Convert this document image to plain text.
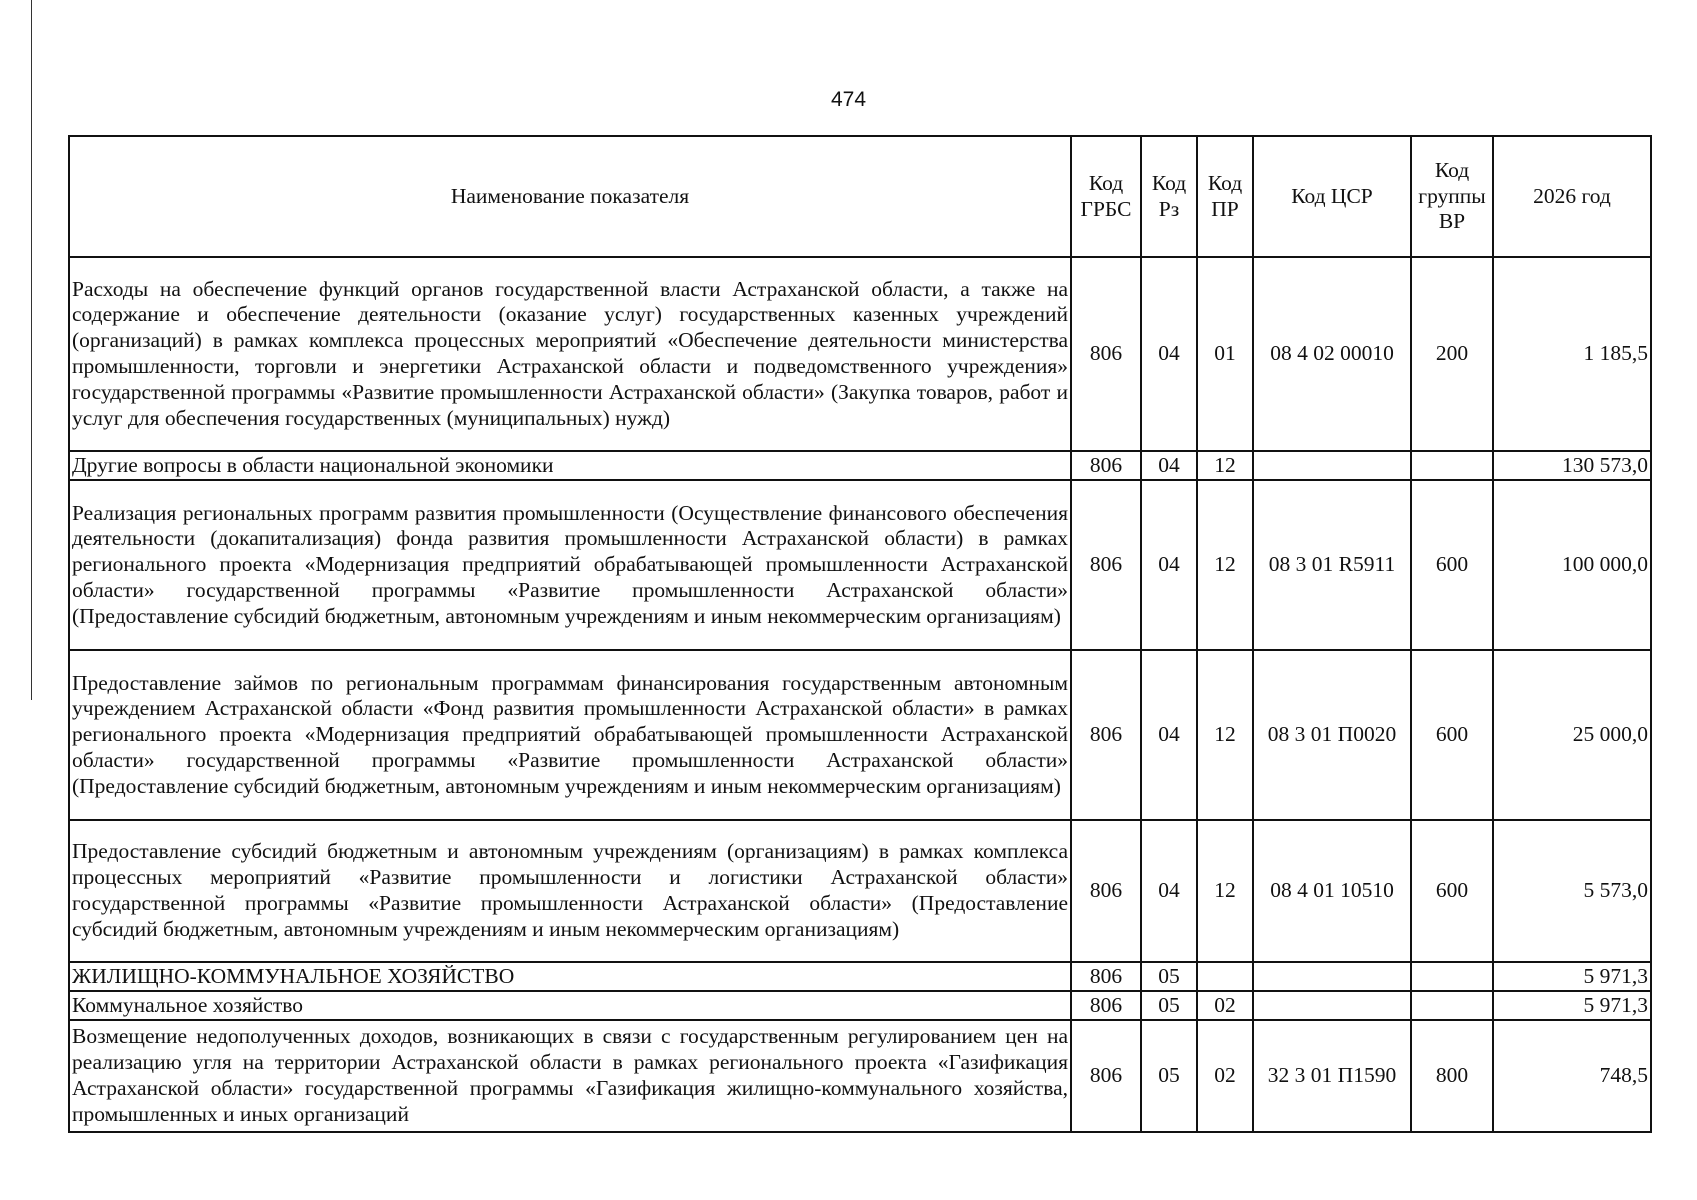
474
Наименование показателя	Код ГРБС	Код Рз	Код ПР	Код ЦСР	Код группы ВР	2026 год
Расходы на обеспечение функций органов государственной власти Астраханской области, а также на содержание и обеспечение деятельности (оказание услуг) государственных казенных учреждений (организаций) в рамках комплекса процессных мероприятий «Обеспечение деятельности министерства промышленности, торговли и энергетики Астраханской области и подведомственного учреждения» государственной программы «Развитие промышленности Астраханской области» (Закупка товаров, работ и услуг для обеспечения государственных (муниципальных) нужд)	806	04	01	08 4 02 00010	200	1 185,5
Другие вопросы в области национальной экономики	806	04	12			130 573,0
Реализация региональных программ развития промышленности (Осуществление финансового обеспечения деятельности (докапитализация) фонда развития промышленности Астраханской области) в рамках регионального проекта «Модернизация предприятий обрабатывающей промышленности Астраханской области» государственной программы «Развитие промышленности Астраханской области» (Предоставление субсидий бюджетным, автономным учреждениям и иным некоммерческим организациям)	806	04	12	08 3 01 R5911	600	100 000,0
Предоставление займов по региональным программам финансирования государственным автономным учреждением Астраханской области «Фонд развития промышленности Астраханской области» в рамках регионального проекта «Модернизация предприятий обрабатывающей промышленности Астраханской области» государственной программы «Развитие промышленности Астраханской области» (Предоставление субсидий бюджетным, автономным учреждениям и иным некоммерческим организациям)	806	04	12	08 3 01 П0020	600	25 000,0
Предоставление субсидий бюджетным и автономным учреждениям (организациям) в рамках комплекса процессных мероприятий «Развитие промышленности и логистики Астраханской области» государственной программы «Развитие промышленности Астраханской области» (Предоставление субсидий бюджетным, автономным учреждениям и иным некоммерческим организациям)	806	04	12	08 4 01 10510	600	5 573,0
ЖИЛИЩНО-КОММУНАЛЬНОЕ ХОЗЯЙСТВО	806	05				5 971,3
Коммунальное хозяйство	806	05	02			5 971,3
Возмещение недополученных доходов, возникающих в связи с государственным регулированием цен на реализацию угля на территории Астраханской области в рамках регионального проекта «Газификация Астраханской области» государственной программы «Газификация жилищно-коммунального хозяйства, промышленных и иных организаций	806	05	02	32 3 01 П1590	800	748,5
